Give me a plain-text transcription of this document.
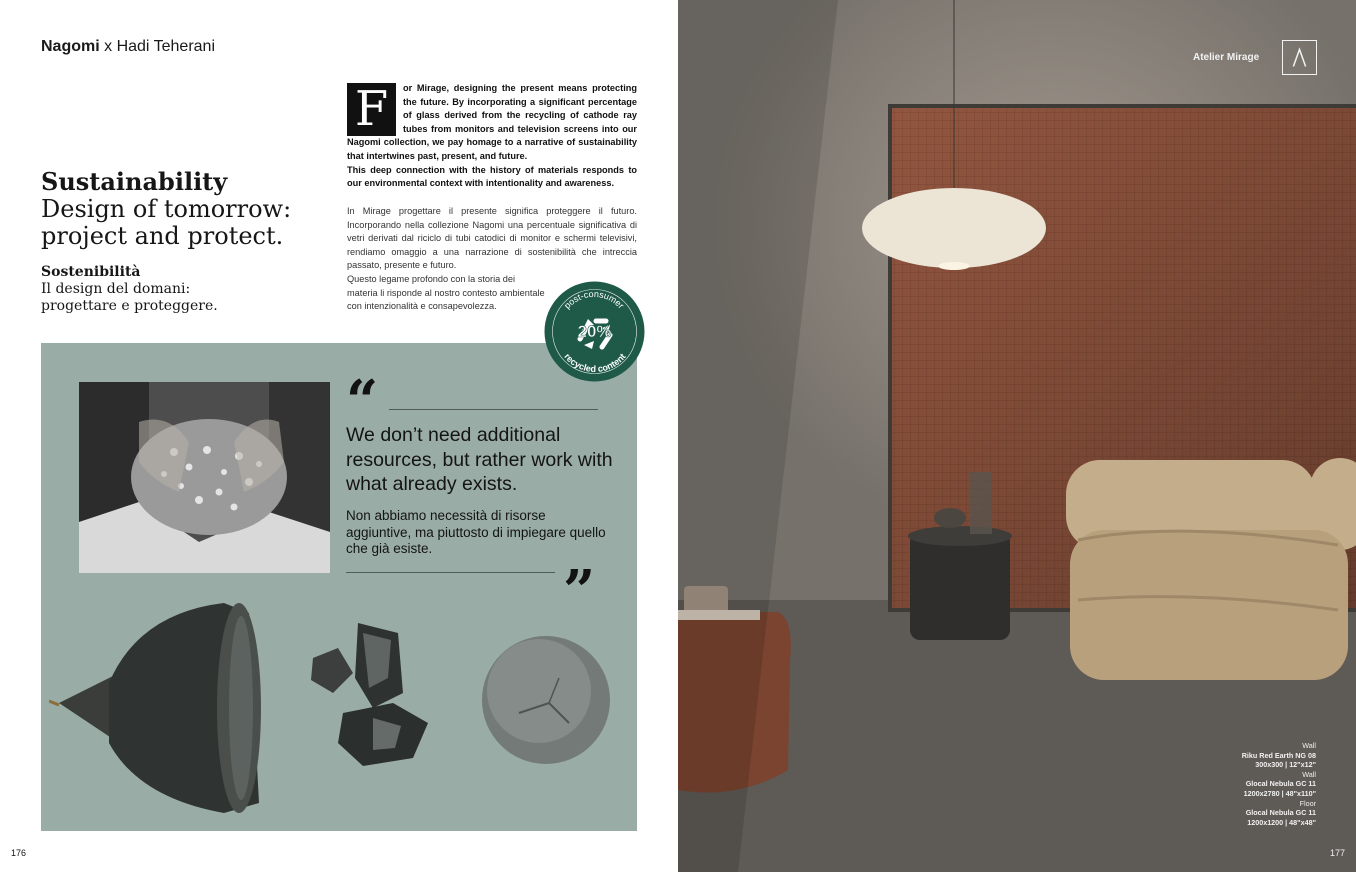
Nagomi x Hadi Teherani
Sustainability
Design of tomorrow:
project and protect.
Sostenibilità
Il design del domani:
progettare e proteggere.
F	or Mirage, designing the present means protecting the future. By incorporating a significant percentage of glass derived from the recycling of cathode ray tubes from monitors and television screens into our Nagomi collection, we pay homage to a narrative of sustainability that intertwines past, present, and future.
This deep connection with the history of materials responds to our environmental context with intentionality and awareness.
In Mirage progettare il presente significa proteggere il futuro. Incorporando nella collezione Nagomi una percentuale significativa di vetri derivati dal riciclo di tubi catodici di monitor e schermi televisivi, rendiamo omaggio a una narrazione di sostenibilità che intreccia passato, presente e futuro.
Questo legame profondo con la storia dei materia li risponde al nostro contesto ambientale con intenzionalità e consapevolezza.	post-consumer
recycled content
20%
“
We don’t need additional resources, but rather work with what already exists.
Non abbiamo necessità di risorse aggiuntive, ma piuttosto di impiegare quello che già esiste.
”
176
Atelier Mirage
Wall
Riku Red Earth NG 08
300x300 | 12"x12"
Wall
Glocal Nebula GC 11
1200x2780 | 48"x110"
Floor
Glocal Nebula GC 11
1200x1200 | 48"x48"
177
